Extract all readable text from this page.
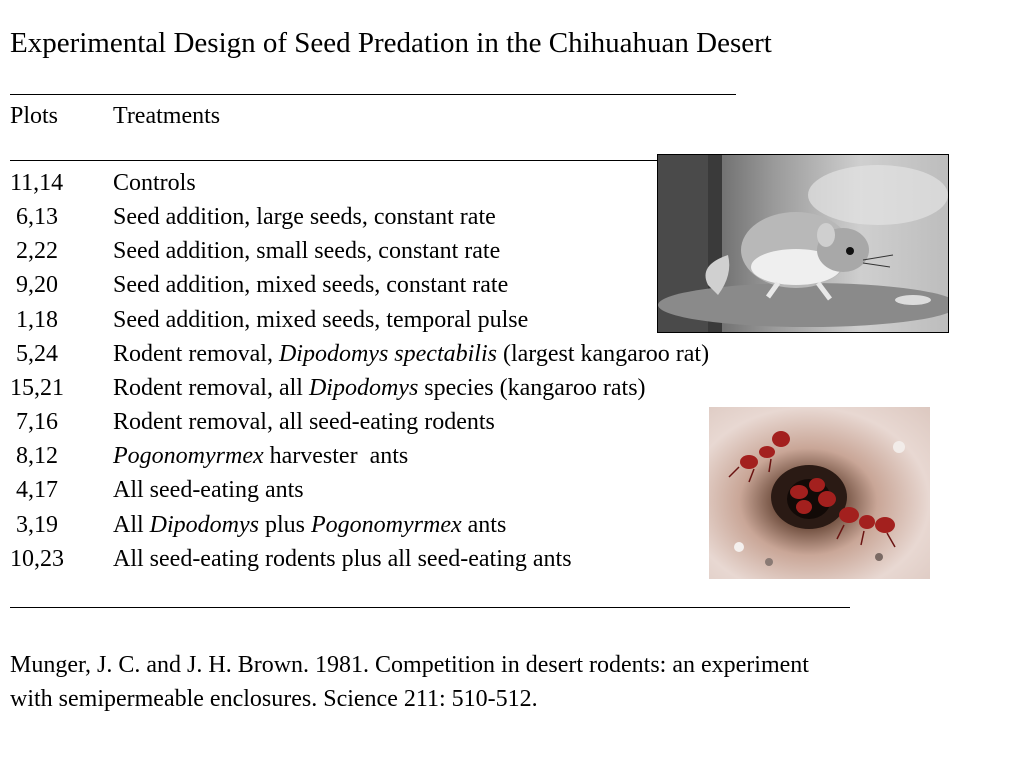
Experimental Design of Seed Predation in the Chihuahuan Desert
Plots Treatments
11,14 Controls
6,13 Seed addition, large seeds, constant rate
2,22 Seed addition, small seeds, constant rate
9,20 Seed addition, mixed seeds, constant rate
1,18 Seed addition, mixed seeds, temporal pulse
5,24 Rodent removal, Dipodomys spectabilis (largest kangaroo rat)
15,21 Rodent removal, all Dipodomys species (kangaroo rats)
7,16 Rodent removal, all seed-eating rodents
8,12 Pogonomyrmex harvester  ants
4,17 All seed-eating ants
3,19 All Dipodomys plus Pogonomyrmex ants
10,23 All seed-eating rodents plus all seed-eating ants
Munger, J. C. and J. H. Brown. 1981. Competition in desert rodents: an experiment
with semipermeable enclosures. Science 211: 510-512.
